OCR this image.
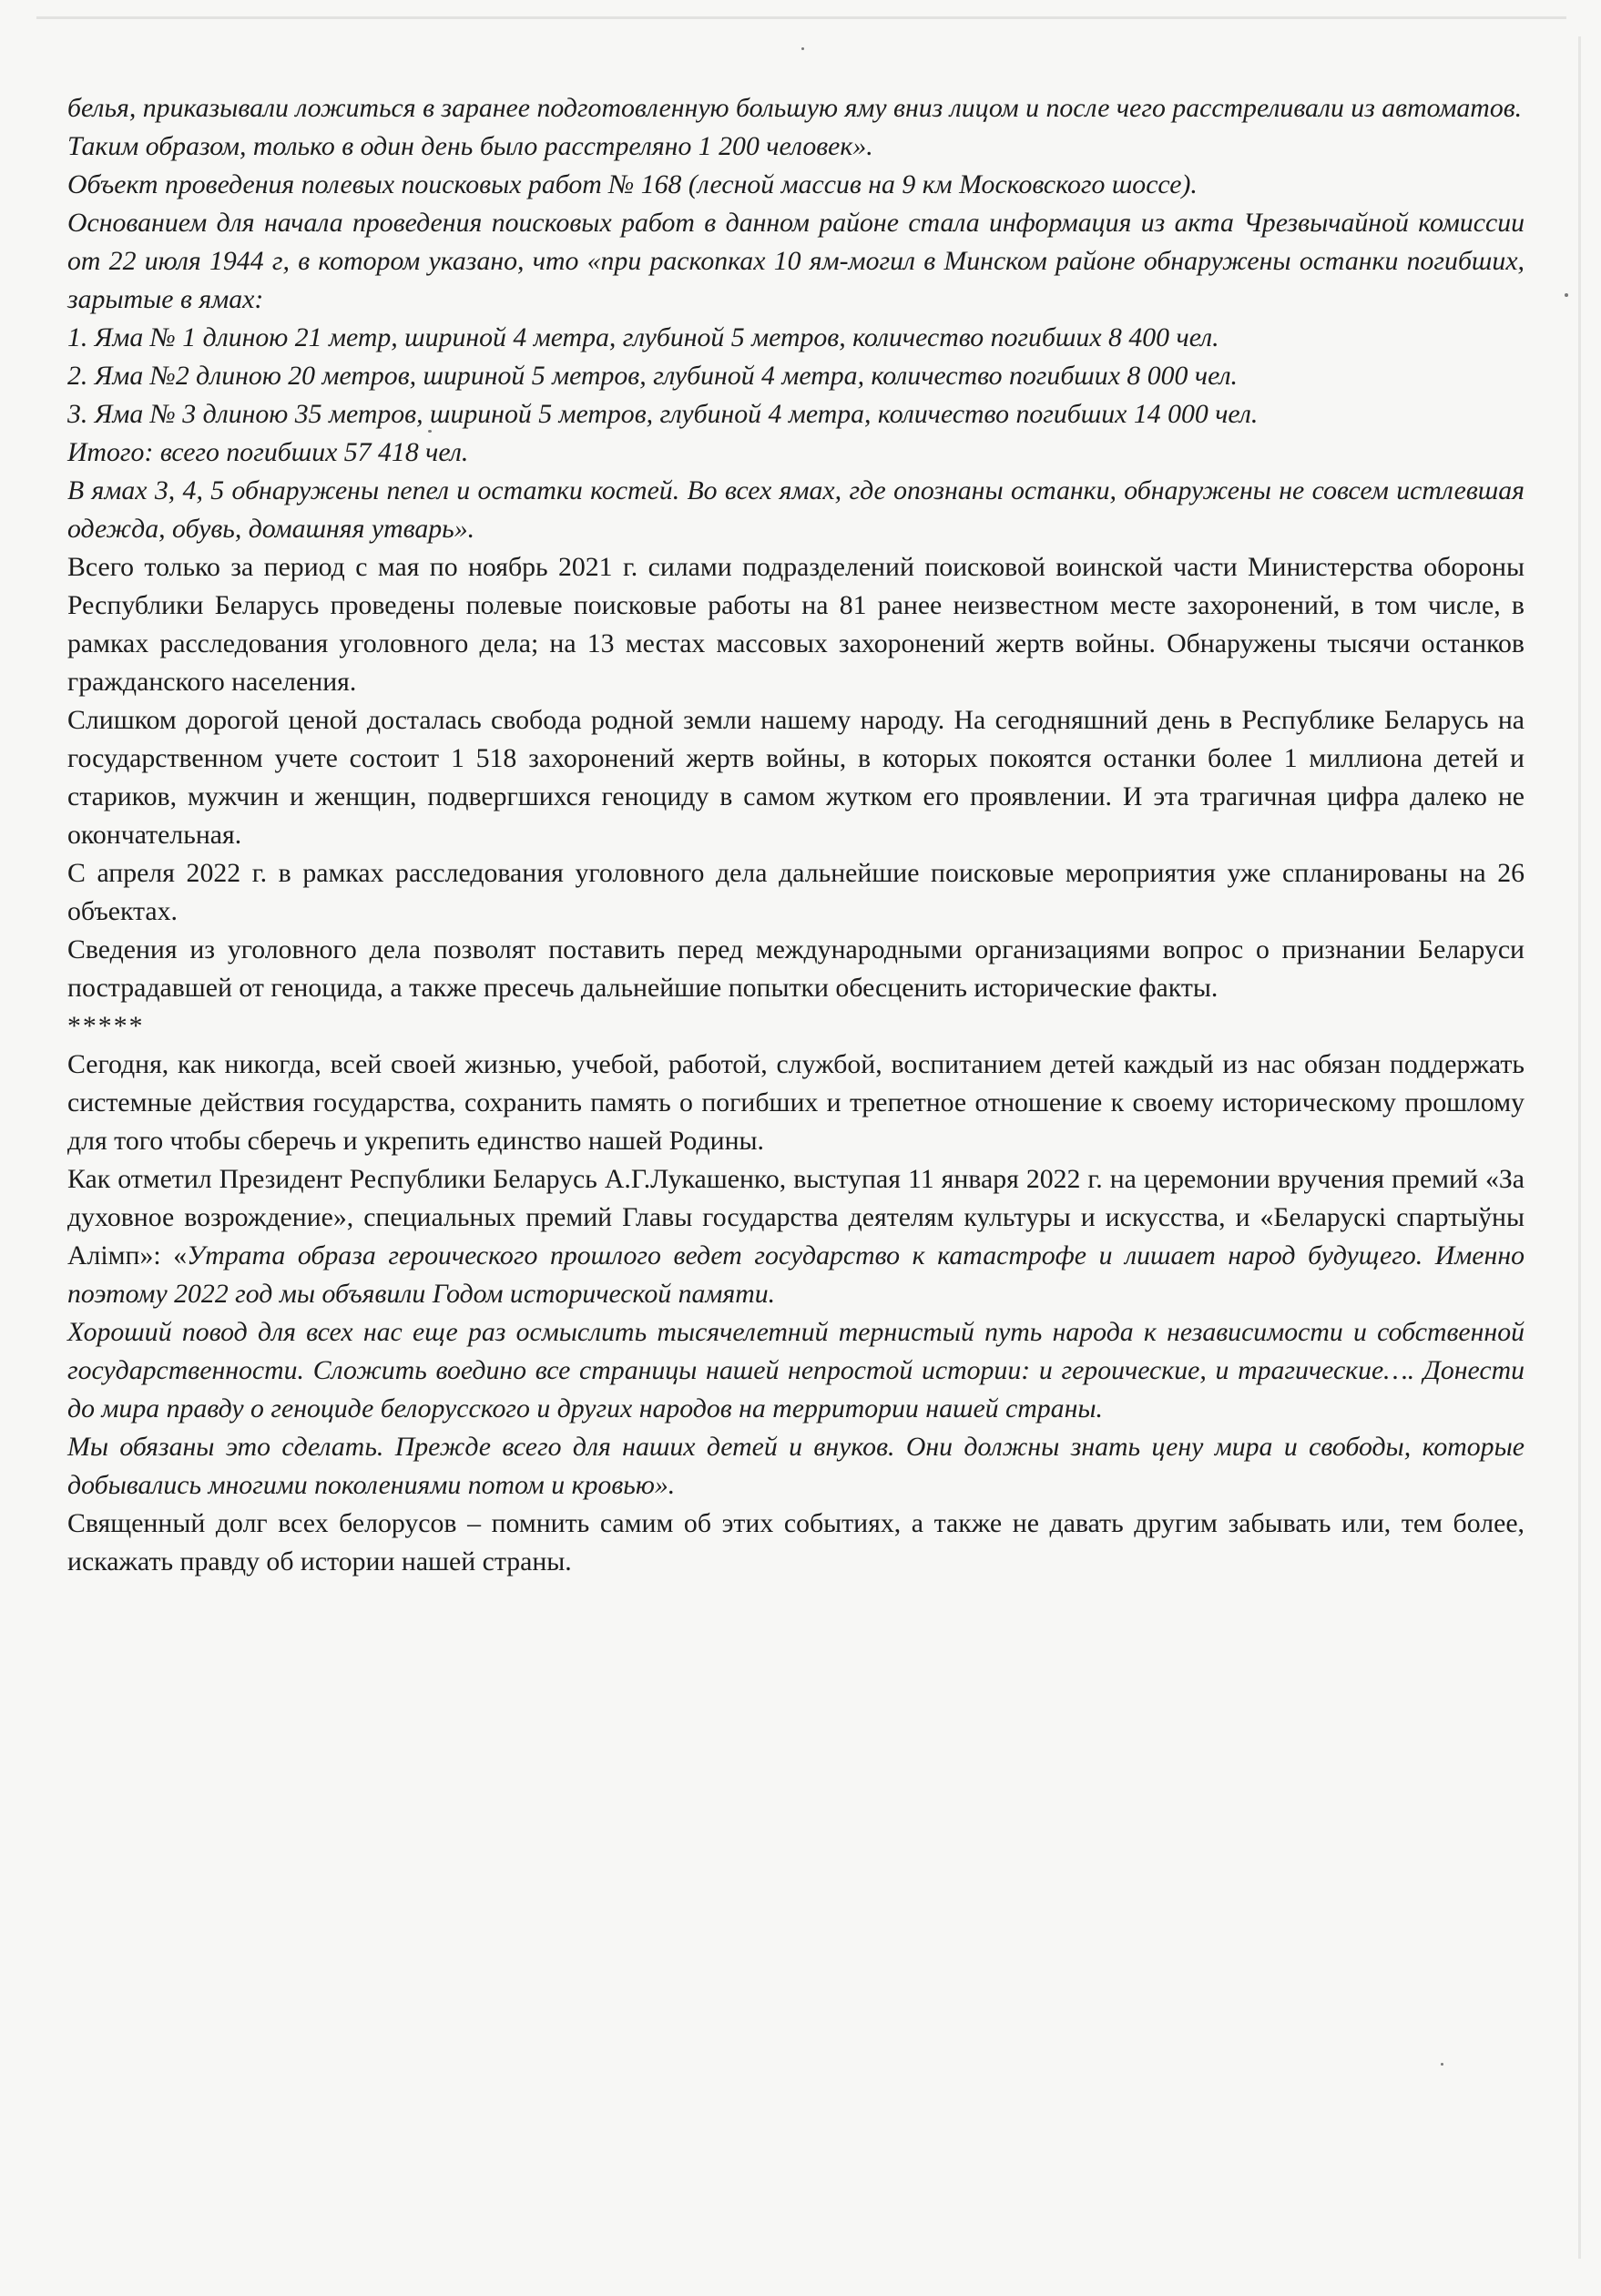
белья, приказывали ложиться в заранее подготовленную большую яму вниз лицом и после чего расстреливали из автоматов.

Таким образом, только в один день было расстреляно 1 200 человек».

Объект проведения полевых поисковых работ № 168 (лесной массив на 9 км Московского шоссе).

Основанием для начала проведения поисковых работ в данном районе стала информация из акта Чрезвычайной комиссии от 22 июля 1944 г, в котором указано, что «при раскопках 10 ям-могил в Минском районе обнаружены останки погибших, зарытые в ямах:

1. Яма № 1 длиною 21 метр, шириной 4 метра, глубиной 5 метров, количество погибших 8 400 чел.

2. Яма №2 длиною 20 метров, шириной 5 метров, глубиной 4 метра, количество погибших 8 000 чел.

3. Яма № 3 длиною 35 метров, шириной 5 метров, глубиной 4 метра, количество погибших 14 000 чел.

Итого: всего погибших 57 418 чел.

В ямах 3, 4, 5 обнаружены пепел и остатки костей. Во всех ямах, где опознаны останки, обнаружены не совсем истлевшая одежда, обувь, домашняя утварь».

Всего только за период с мая по ноябрь 2021 г. силами подразделений поисковой воинской части Министерства обороны Республики Беларусь проведены полевые поисковые работы на 81 ранее неизвестном месте захоронений, в том числе, в рамках расследования уголовного дела; на 13 местах массовых захоронений жертв войны. Обнаружены тысячи останков гражданского населения.

Слишком дорогой ценой досталась свобода родной земли нашему народу. На сегодняшний день в Республике Беларусь на государственном учете состоит 1 518 захоронений жертв войны, в которых покоятся останки более 1 миллиона детей и стариков, мужчин и женщин, подвергшихся геноциду в самом жутком его проявлении. И эта трагичная цифра далеко не окончательная.

С апреля 2022 г. в рамках расследования уголовного дела дальнейшие поисковые мероприятия уже спланированы на 26 объектах.

Сведения из уголовного дела позволят поставить перед международными организациями вопрос о признании Беларуси пострадавшей от геноцида, а также пресечь дальнейшие попытки обесценить исторические факты.

*****

Сегодня, как никогда, всей своей жизнью, учебой, работой, службой, воспитанием детей каждый из нас обязан поддержать системные действия государства, сохранить память о погибших и трепетное отношение к своему историческому прошлому для того чтобы сберечь и укрепить единство нашей Родины.

Как отметил Президент Республики Беларусь А.Г.Лукашенко, выступая 11 января 2022 г. на церемонии вручения премий «За духовное возрождение», специальных премий Главы государства деятелям культуры и искусства, и «Беларускі спартыўны Алімп»: «Утрата образа героического прошлого ведет государство к катастрофе и лишает народ будущего. Именно поэтому 2022 год мы объявили Годом исторической памяти.

Хороший повод для всех нас еще раз осмыслить тысячелетний тернистый путь народа к независимости и собственной государственности. Сложить воедино все страницы нашей непростой истории: и героические, и трагические…. Донести до мира правду о геноциде белорусского и других народов на территории нашей страны.

Мы обязаны это сделать. Прежде всего для наших детей и внуков. Они должны знать цену мира и свободы, которые добывались многими поколениями потом и кровью».

Священный долг всех белорусов – помнить самим об этих событиях, а также не давать другим забывать или, тем более, искажать правду об истории нашей страны.
